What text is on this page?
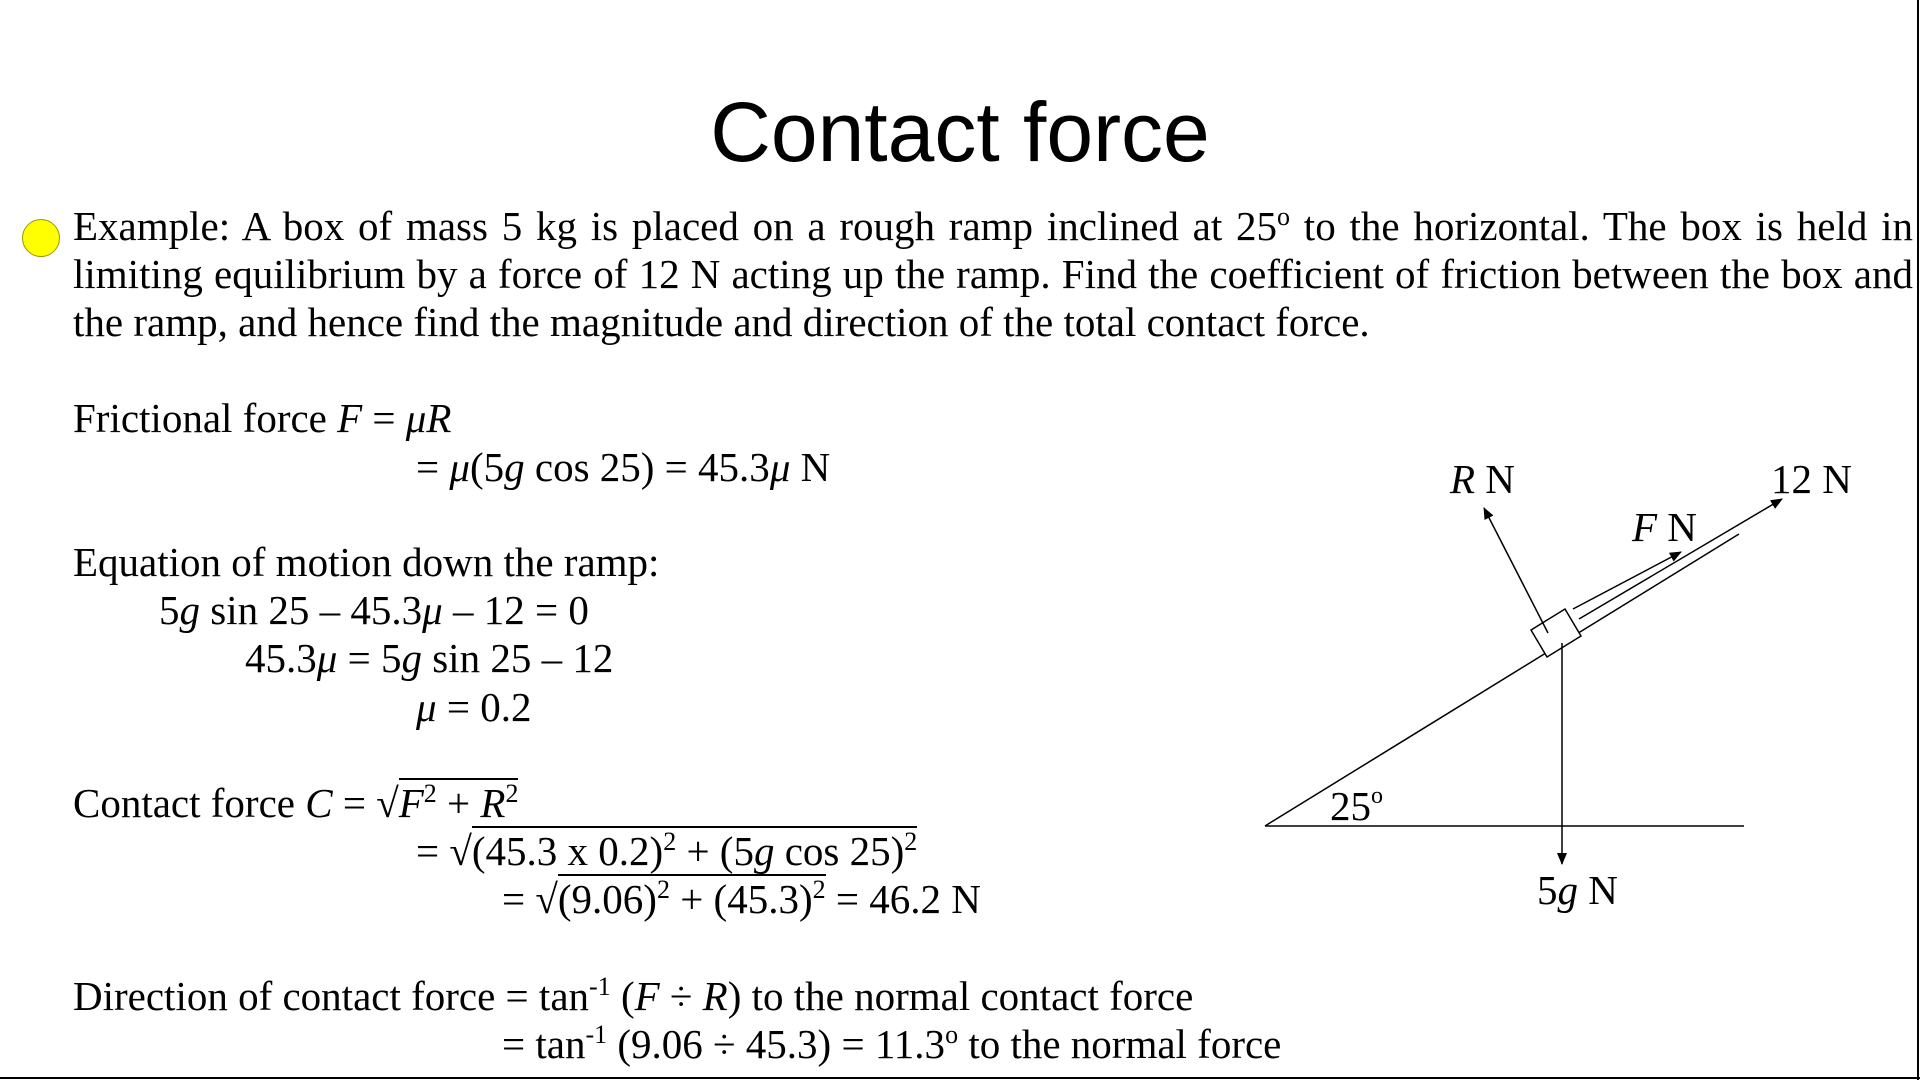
Contact force
Example: A box of mass 5 kg is placed on a rough ramp inclined at 25$^o$ to the horizontal. The box is held in limiting equilibrium by a force of 12 N acting up the ramp. Find the coefficient of friction between the box and the ramp, and hence find the magnitude and direction of the total contact force.
Frictional force F = μR
= μ(5g cos 25) = 45.3μ N
Equation of motion down the ramp:
5g sin 25 – 45.3μ – 12 = 0
45.3μ = 5g sin 25 – 12
μ = 0.2
Contact force $C = √F^2 + R^2$
= √(45.3 x 0.2)$^2$ + (5g cos 25)$^2$
= $√(9.06)^2 + (45.3)^2 = 46.2$ N
Direction of contact force = $\tan^{-1} (F \div R)$ to the normal contact force
= $\tan^{-1} (9.06 \div 45.3) = 11.3^o$ to the normal force
R N	12 N
F N
5g N
25$^o$
